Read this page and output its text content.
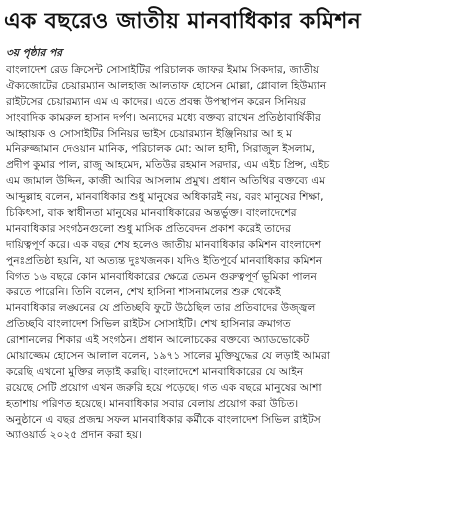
এক বছরেও জাতীয় মানবাধিকার কমিশন
৩য় পৃষ্ঠার পর

বাংলাদেশ রেড ক্রিসেন্ট সোসাইটির পরিচালক জাফর ইমাম সিকদার, জাতীয়

ঐক্যজোটের চেয়ারম্যান আলহাজ আলতাফ হোসেন মোল্লা, গ্লোবাল হিউম্যান

রাইটসের চেয়ারম্যান এম এ কাদের। এতে প্রবন্ধ উপস্থাপন করেন সিনিয়র

সাংবাদিক কামরুল হাসান দর্পণ। অন্যদের মধ্যে বক্তব্য রাখেন প্রতিষ্ঠাবার্ষিকীর

আহ্বায়ক ও সোসাইটির সিনিয়র ভাইস চেয়ারম্যান ইঞ্জিনিয়ার আ হ ম

মনিরুজ্জামান দেওয়ান মানিক, পরিচালক মো: আল হাদী, সিরাজুল ইসলাম,

প্রদীপ কুমার পাল, রাজু আহমেদ, মতিউর রহমান সরদার, এম এইচ প্রিন্স, এইচ

এম জামাল উদ্দিন, কাজী আবির আসলাম প্রমুখ। প্রধান অতিথির বক্তব্যে এম

আব্দুল্লাহ বলেন, মানবাধিকার শুধু মানুষের অধিকারই নয়, বরং মানুষের শিক্ষা,

চিকিৎসা, বাক স্বাধীনতা মানুষের মানবাধিকারের অন্তর্ভুক্ত। বাংলাদেশের

মানবাধিকার সংগঠনগুলো শুধু মাসিক প্রতিবেদন প্রকাশ করেই তাদের

দায়িত্বপূর্ণ করে। এক বছর শেষ হলেও জাতীয় মানবাধিকার কমিশন বাংলাদেশ

পুনঃপ্রতিষ্ঠা হয়নি, যা অত্যন্ত দুঃখজনক। যদিও ইতিপূর্বে মানবাধিকার কমিশন

বিগত ১৬ বছরে কোন মানবাধিকারের ক্ষেত্রে তেমন গুরুত্বপূর্ণ ভূমিকা পালন

করতে পারেনি। তিনি বলেন, শেখ হাসিনা শাসনামলের শুরু থেকেই

মানবাধিকার লঙ্ঘনের যে প্রতিচ্ছবি ফুটে উঠেছিল তার প্রতিবাদের উজ্জ্বল

প্রতিচ্ছবি বাংলাদেশ সিভিল রাইটস সোসাইটি। শেখ হাসিনার ক্রমাগত

রোশানলের শিকার এই সংগঠন। প্রধান আলোচকের বক্তব্যে অ্যাডভোকেট

মোয়াজ্জেম হোসেন আলাল বলেন, ১৯৭১ সালের মুক্তিযুদ্ধের যে লড়াই আমরা

করেছি এখনো মুক্তির লড়াই করছি। বাংলাদেশে মানবাধিকারের যে আইন

রয়েছে সেটি প্রয়োগ এখন জরুরি হয়ে পড়েছে। গত এক বছরে মানুষের আশা

হতাশায় পরিণত হয়েছে। মানবাধিকার সবার বেলায় প্রয়োগ করা উচিত।

অনুষ্ঠানে এ বছর প্রজন্ম সফল মানবাধিকার কর্মীকে বাংলাদেশ সিভিল রাইটস

অ্যাওয়ার্ড ২০২৫ প্রদান করা হয়।
